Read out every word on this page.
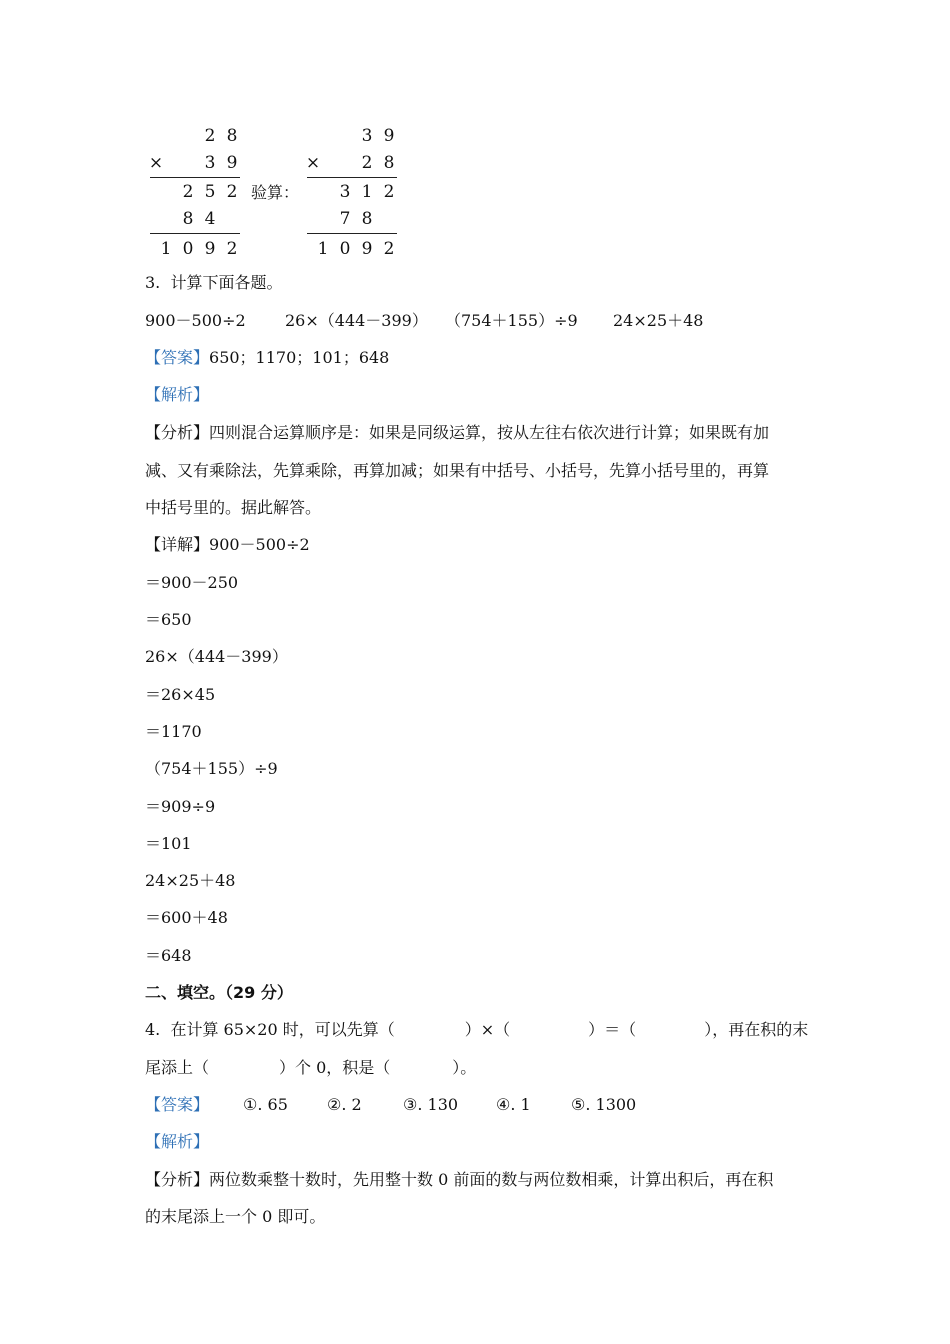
2 8
× 3 9
2 5 2
8 4
1 0 9 2
验算：
3 9
× 2 8
3 1 2
7 8
1 0 9 2
3.  计算下面各题。
900－500÷2 26×（444－399） （754＋155）÷9 24×25＋48
【答案】650；1170；101；648
【解析】
【分析】四则混合运算顺序是：如果是同级运算，按从左往右依次进行计算；如果既有加
减、又有乘除法，先算乘除，再算加减；如果有中括号、小括号，先算小括号里的，再算
中括号里的。据此解答。
【详解】900－500÷2
＝900－250
＝650
26×（444－399）
＝26×45
＝1170
（754＋155）÷9
＝909÷9
＝101
24×25＋48
＝600＋48
＝648
二、填空。（29 分）
4.  在计算 65×20 时，可以先算（	）×（	）＝（	），再在积的末
尾添上（	）个 0，积是（	）。
【答案】 ①. 65 ②. 2	③. 130 ④. 1	⑤. 1300
【解析】
【分析】两位数乘整十数时，先用整十数 0 前面的数与两位数相乘，计算出积后，再在积
的末尾添上一个 0 即可。
